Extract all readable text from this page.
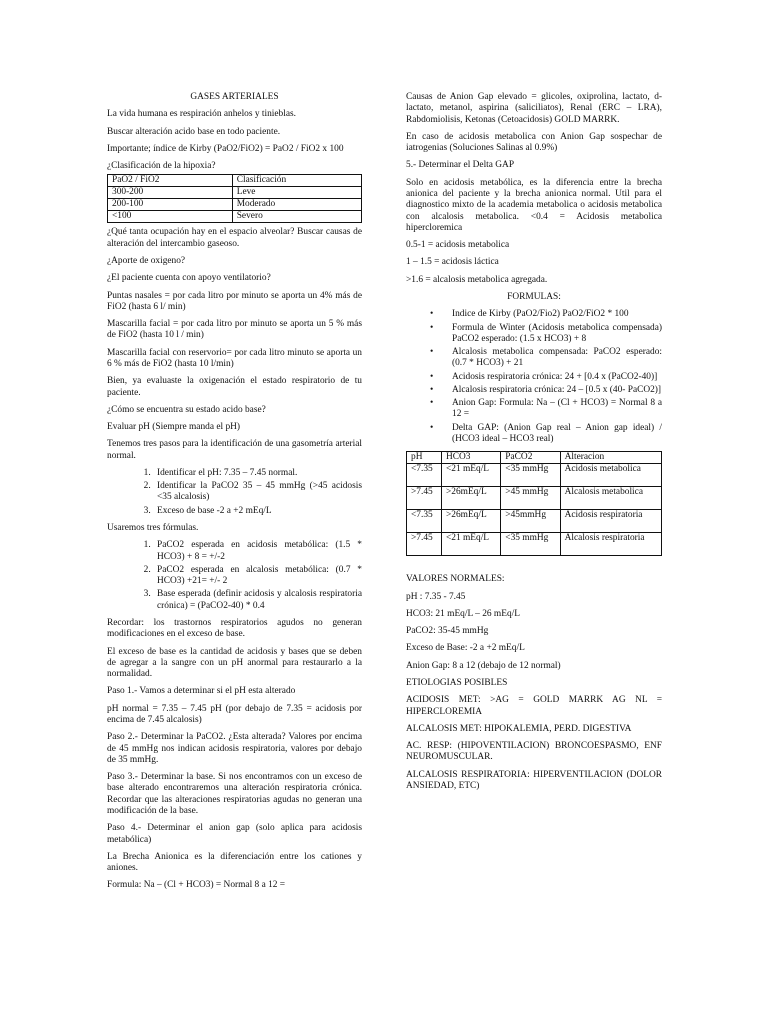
GASES ARTERIALES

La vida humana es respiración anhelos y tinieblas.

Buscar alteración acido base en todo paciente.

Importante; índice de Kirby (PaO2/FiO2) = PaO2 / FiO2 x 100

¿Clasificación de la hipoxia?

PaO2 / FiO2	Clasificación
300-200	Leve
200-100	Moderado
<100	Severo

¿Qué tanta ocupación hay en el espacio alveolar? Buscar causas de alteración del intercambio gaseoso.

¿Aporte de oxigeno?

¿El paciente cuenta con apoyo ventilatorio?

Puntas nasales = por cada litro por minuto se aporta un 4% más de FiO2 (hasta 6 l/ min)

Mascarilla facial = por cada litro por minuto se aporta un 5 % más de FiO2 (hasta 10 l / min)

Mascarilla facial con reservorio= por cada litro minuto se aporta un 6 % más de FiO2 (hasta 10 l/min)

Bien, ya evaluaste la oxigenación el estado respiratorio de tu paciente.

¿Cómo se encuentra su estado acido base?

Evaluar pH (Siempre manda el pH)

Tenemos tres pasos para la identificación de una gasometría arterial normal.

1. Identificar el pH: 7.35 – 7.45 normal.
2. Identificar la PaCO2 35 – 45 mmHg (>45 acidosis <35 alcalosis)
3. Exceso de base -2 a +2 mEq/L

Usaremos tres fórmulas.

1. PaCO2 esperada en acidosis metabólica: (1.5 * HCO3) + 8 = +/-2
2. PaCO2 esperada en alcalosis metabólica: (0.7 * HCO3) +21= +/- 2
3. Base esperada (definir acidosis y alcalosis respiratoria crónica) = (PaCO2-40) * 0.4

Recordar: los trastornos respiratorios agudos no generan modificaciones en el exceso de base.

El exceso de base es la cantidad de acidosis y bases que se deben de agregar a la sangre con un pH anormal para restaurarlo a la normalidad.

Paso 1.- Vamos a determinar si el pH esta alterado

pH normal = 7.35 – 7.45 pH (por debajo de 7.35 = acidosis por encima de 7.45 alcalosis)

Paso 2.- Determinar la PaCO2. ¿Esta alterada? Valores por encima de 45 mmHg nos indican acidosis respiratoria, valores por debajo de 35 mmHg.

Paso 3.- Determinar la base. Si nos encontramos con un exceso de base alterado encontraremos una alteración respiratoria crónica. Recordar que las alteraciones respiratorias agudas no generan una modificación de la base.

Paso 4.- Determinar el anion gap (solo aplica para acidosis metabólica)

La Brecha Anionica es la diferenciación entre los cationes y aniones.

Formula: Na – (Cl + HCO3) = Normal 8 a 12 =

Causas de Anion Gap elevado = glicoles, oxiprolina, lactato, d-lactato, metanol, aspirina (saliciliatos), Renal (ERC – LRA), Rabdomiolisis, Ketonas (Cetoacidosis) GOLD MARRK.

En caso de acidosis metabolica con Anion Gap sospechar de iatrogenias (Soluciones Salinas al 0.9%)

5.- Determinar el Delta GAP

Solo en acidosis metabólica, es la diferencia entre la brecha anionica del paciente y la brecha anionica normal. Util para el diagnostico mixto de la academia metabolica o acidosis metabolica con alcalosis metabolica. <0.4 = Acidosis metabolica hipercloremica

0.5-1 = acidosis metabolica

1 – 1.5 = acidosis láctica

>1.6 = alcalosis metabolica agregada.

FORMULAS:

• Indice de Kirby (PaO2/Fio2) PaO2/FiO2 * 100
• Formula de Winter (Acidosis metabolica compensada) PaCO2 esperado: (1.5 x HCO3) + 8
• Alcalosis metabolica compensada: PaCO2 esperado: (0.7 * HCO3) + 21
• Acidosis respiratoria crónica: 24 + [0.4 x (PaCO2-40)]
• Alcalosis respiratoria crónica: 24 – [0.5 x (40- PaCO2)]
• Anion Gap: Formula: Na – (Cl + HCO3) = Normal 8 a 12 =
• Delta GAP: (Anion Gap real – Anion gap ideal) / (HCO3 ideal – HCO3 real)
pH	HCO3	PaCO2	Alteracion
<7.35	<21 mEq/L	<35 mmHg	Acidosis metabolica
>7.45	>26mEq/L	>45 mmHg	Alcalosis metabolica
<7.35	>26mEq/L	>45mmHg	Acidosis respiratoria
>7.45	<21 mEq/L	<35 mmHg	Alcalosis respiratoria

VALORES NORMALES:

pH : 7.35 - 7.45

HCO3: 21 mEq/L – 26 mEq/L

PaCO2: 35-45 mmHg

Exceso de Base: -2 a +2 mEq/L

Anion Gap: 8 a 12 (debajo de 12 normal)

ETIOLOGIAS POSIBLES

ACIDOSIS MET: >AG = GOLD MARRK AG NL = HIPERCLOREMIA

ALCALOSIS MET: HIPOKALEMIA, PERD. DIGESTIVA

AC. RESP: (HIPOVENTILACION) BRONCOESPASMO, ENF NEUROMUSCULAR.

ALCALOSIS RESPIRATORIA: HIPERVENTILACION (DOLOR ANSIEDAD, ETC)
